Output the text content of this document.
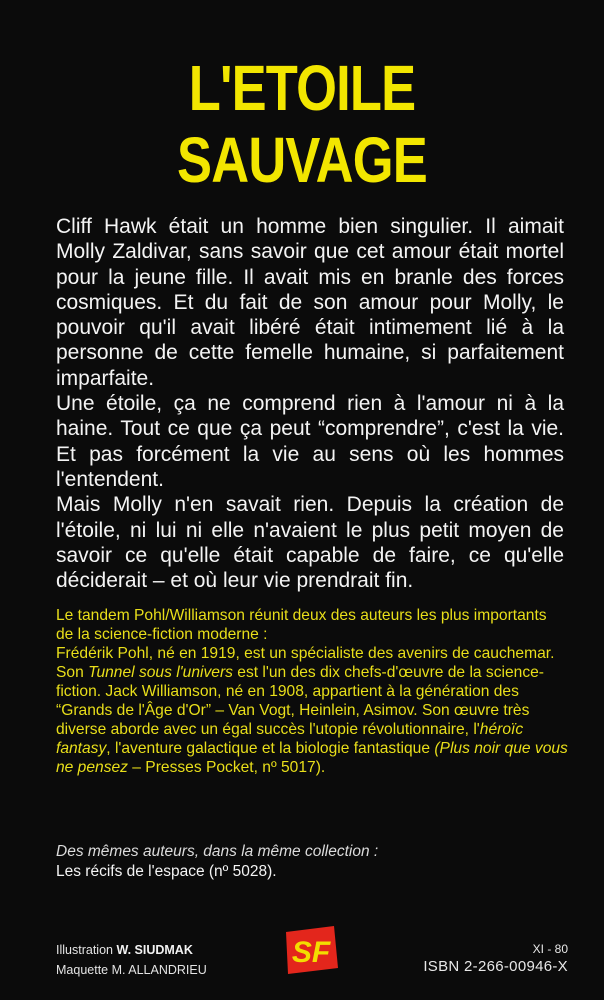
L'ETOILE
SAUVAGE

Cliff Hawk était un homme bien singulier. Il aimait Molly Zaldivar, sans savoir que cet amour était mortel pour la jeune fille. Il avait mis en branle des forces cosmiques. Et du fait de son amour pour Molly, le pouvoir qu'il avait libéré était intimement lié à la personne de cette femelle humaine, si parfaitement imparfaite.

Une étoile, ça ne comprend rien à l'amour ni à la haine. Tout ce que ça peut “comprendre”, c'est la vie. Et pas forcément la vie au sens où les hommes l'entendent.

Mais Molly n'en savait rien. Depuis la création de l'étoile, ni lui ni elle n'avaient le plus petit moyen de savoir ce qu'elle était capable de faire, ce qu'elle déciderait – et où leur vie prendrait fin.

Le tandem Pohl/Williamson réunit deux des auteurs les plus importants de la science-fiction moderne :
Frédérik Pohl, né en 1919, est un spécialiste des avenirs de cauchemar. Son Tunnel sous l'univers est l'un des dix chefs-d'œuvre de la science-fiction. Jack Williamson, né en 1908, appartient à la génération des “Grands de l'Âge d'Or” – Van Vogt, Heinlein, Asimov. Son œuvre très diverse aborde avec un égal succès l'utopie révolutionnaire, l'héroïc fantasy, l'aventure galactique et la biologie fantastique (Plus noir que vous ne pensez – Presses Pocket, nº 5017).
Des mêmes auteurs, dans la même collection :
Les récifs de l'espace (nº 5028).
Illustration W. SIUDMAK
Maquette M. ALLANDRIEU
SF	XI - 80
ISBN 2-266-00946-X
